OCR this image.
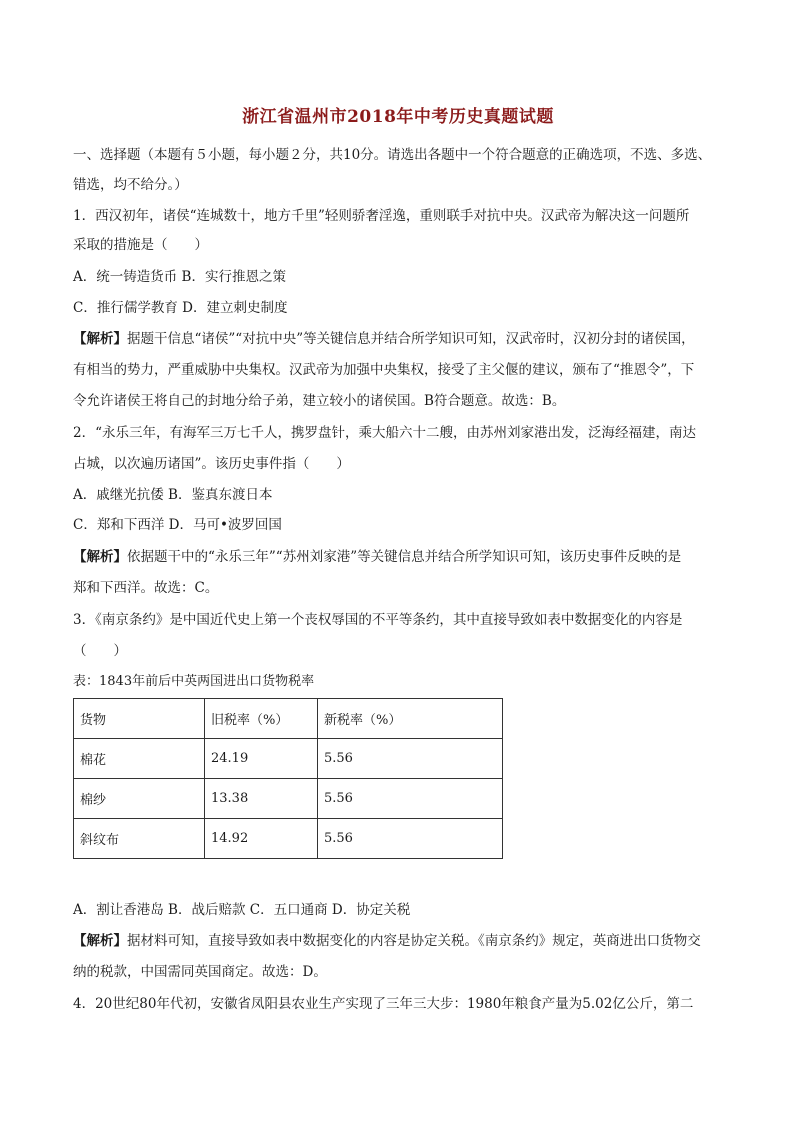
浙江省温州市2018年中考历史真题试题
一、选择题（本题有５小题，每小题２分，共10分。请选出各题中一个符合题意的正确选项，不选、多选、
错选，均不给分。）
1．西汉初年，诸侯“连城数十，地方千里”轻则骄奢淫逸，重则联手对抗中央。汉武帝为解决这一问题所
采取的措施是（　　）
A．统一铸造货币 B．实行推恩之策
C．推行儒学教育 D．建立刺史制度
【解析】据题干信息“诸侯”“对抗中央”等关键信息并结合所学知识可知，汉武帝时，汉初分封的诸侯国，
有相当的势力，严重威胁中央集权。汉武帝为加强中央集权，接受了主父偃的建议，颁布了“推恩令”，下
令允许诸侯王将自己的封地分给子弟，建立较小的诸侯国。B符合题意。故选：B。
2．“永乐三年，有海军三万七千人，携罗盘针，乘大船六十二艘，由苏州刘家港出发，泛海经福建，南达
占城，以次遍历诸国”。该历史事件指（　　）
A．戚继光抗倭 B．鉴真东渡日本
C．郑和下西洋 D．马可•波罗回国
【解析】依据题干中的“永乐三年”“苏州刘家港”等关键信息并结合所学知识可知，该历史事件反映的是
郑和下西洋。故选：C。
3．《南京条约》是中国近代史上第一个丧权辱国的不平等条约，其中直接导致如表中数据变化的内容是
（　　）
表：1843年前后中英两国进出口货物税率
货物	旧税率（%）	新税率（%）
棉花	24.19	5.56
棉纱	13.38	5.56
斜纹布	14.92	5.56
A．割让香港岛 B．战后赔款 C．五口通商 D．协定关税
【解析】据材料可知，直接导致如表中数据变化的内容是协定关税。《南京条约》规定，英商进出口货物交
纳的税款，中国需同英国商定。故选：D。
4．20世纪80年代初，安徽省凤阳县农业生产实现了三年三大步：1980年粮食产量为5.02亿公斤，第二
